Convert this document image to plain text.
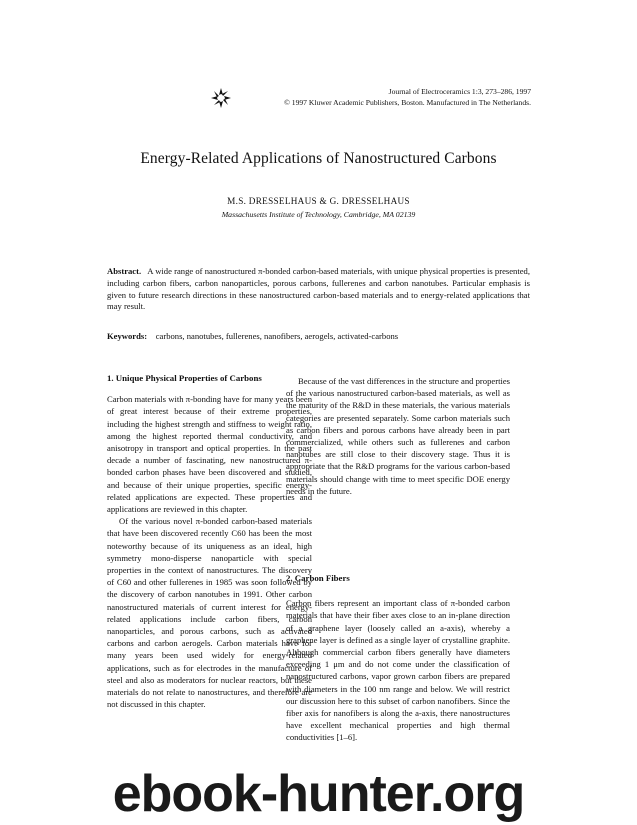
Journal of Electroceramics 1:3, 273–286, 1997
© 1997 Kluwer Academic Publishers, Boston. Manufactured in The Netherlands.
Energy-Related Applications of Nanostructured Carbons
M.S. DRESSELHAUS & G. DRESSELHAUS
Massachusetts Institute of Technology, Cambridge, MA 02139
Abstract. A wide range of nanostructured π-bonded carbon-based materials, with unique physical properties is presented, including carbon fibers, carbon nanoparticles, porous carbons, fullerenes and carbon nanotubes. Particular emphasis is given to future research directions in these nanostructured carbon-based materials and to energy-related applications that may result.
Keywords: carbons, nanotubes, fullerenes, nanofibers, aerogels, activated-carbons

1. Unique Physical Properties of Carbons

Carbon materials with π-bonding have for many years been of great interest because of their extreme properties, including the highest strength and stiffness to weight ratio, among the highest reported thermal conductivity, and anisotropy in transport and optical properties. In the past decade a number of fascinating, new nanostructured π-bonded carbon phases have been discovered and studied, and because of their unique properties, specific energy-related applications are expected. These properties and applications are reviewed in this chapter.

Of the various novel π-bonded carbon-based materials that have been discovered recently C60 has been the most noteworthy because of its uniqueness as an ideal, high symmetry mono-disperse nanoparticle with special properties in the context of nanostructures. The discovery of C60 and other fullerenes in 1985 was soon followed by the discovery of carbon nanotubes in 1991. Other carbon nanostructured materials of current interest for energy-related applications include carbon fibers, carbon nanoparticles, and porous carbons, such as activated carbons and carbon aerogels. Carbon materials have for many years been used widely for energy-related applications, such as for electrodes in the manufacture of steel and also as moderators for nuclear reactors, but these materials do not relate to nanostructures, and therefore are not discussed in this chapter.

Because of the vast differences in the structure and properties of the various nanostructured carbon-based materials, as well as the maturity of the R&D in these materials, the various materials categories are presented separately. Some carbon materials such as carbon fibers and porous carbons have already been in part commercialized, while others such as fullerenes and carbon nanotubes are still close to their discovery stage. Thus it is appropriate that the R&D programs for the various carbon-based materials should change with time to meet specific DOE energy needs in the future.

2. Carbon Fibers

Carbon fibers represent an important class of π-bonded carbon materials that have their fiber axes close to an in-plane direction of a graphene layer (loosely called an a-axis), whereby a graphene layer is defined as a single layer of crystalline graphite. Although commercial carbon fibers generally have diameters exceeding 1 μm and do not come under the classification of nanostructured carbons, vapor grown carbon fibers are prepared with diameters in the 100 nm range and below. We will restrict our discussion here to this subset of carbon nanofibers. Since the fiber axis for nanofibers is along the a-axis, there nanostructures have excellent mechanical properties and high thermal conductivities [1–6].

ebook-hunter.org
